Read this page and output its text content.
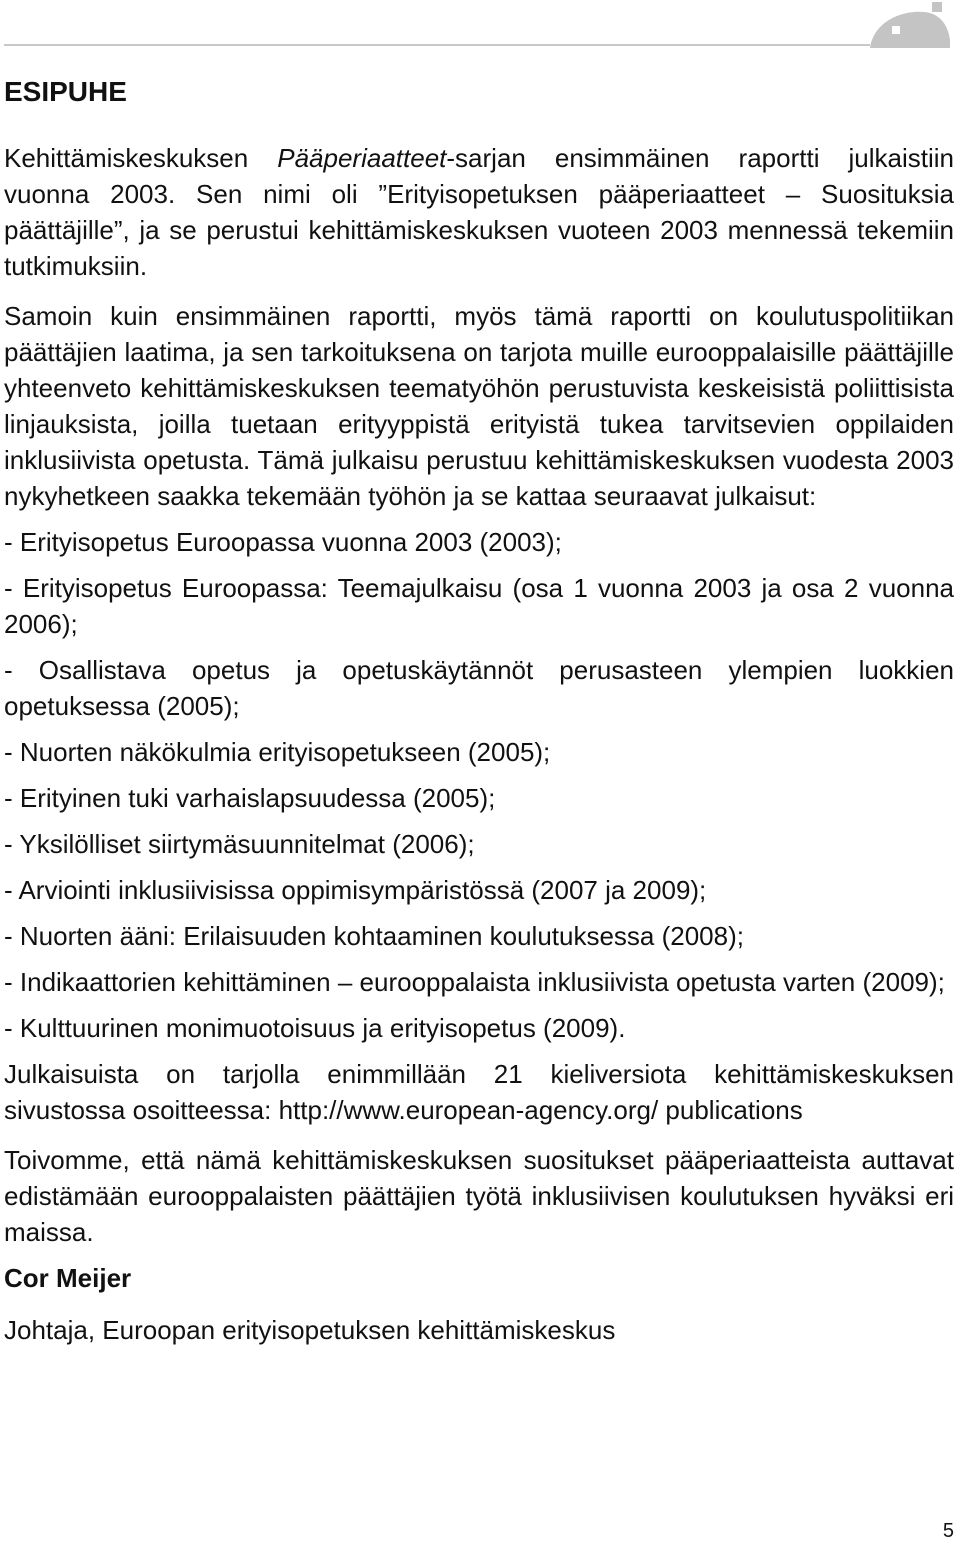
ESIPUHE

Kehittämiskeskuksen Pääperiaatteet-sarjan ensimmäinen raportti julkaistiin vuonna 2003. Sen nimi oli ”Erityisopetuksen pääperiaatteet – Suosituksia päättäjille”, ja se perustui kehittämiskeskuksen vuoteen 2003 mennessä tekemiin tutkimuksiin.

Samoin kuin ensimmäinen raportti, myös tämä raportti on koulutuspolitiikan päättäjien laatima, ja sen tarkoituksena on tarjota muille eurooppalaisille päättäjille yhteenveto kehittämiskeskuksen teematyöhön perustuvista keskeisistä poliittisista linjauksista, joilla tuetaan erityyppistä erityistä tukea tarvitsevien oppilaiden inklusiivista opetusta. Tämä julkaisu perustuu kehittämiskeskuksen vuodesta 2003 nykyhetkeen saakka tekemään työhön ja se kattaa seuraavat julkaisut:

- Erityisopetus Euroopassa vuonna 2003 (2003);
- Erityisopetus Euroopassa: Teemajulkaisu (osa 1 vuonna 2003 ja osa 2 vuonna 2006);
- Osallistava opetus ja opetuskäytännöt perusasteen ylempien luokkien opetuksessa (2005);
- Nuorten näkökulmia erityisopetukseen (2005);
- Erityinen tuki varhaislapsuudessa (2005);
- Yksilölliset siirtymäsuunnitelmat (2006);
- Arviointi inklusiivisissa oppimisympäristössä (2007 ja 2009);
- Nuorten ääni: Erilaisuuden kohtaaminen koulutuksessa (2008);
- Indikaattorien kehittäminen – eurooppalaista inklusiivista opetusta varten (2009);
- Kulttuurinen monimuotoisuus ja erityisopetus (2009).

Julkaisuista on tarjolla enimmillään 21 kieliversiota kehittämiskeskuksen sivustossa osoitteessa: http://www.european-agency.org/ publications

Toivomme, että nämä kehittämiskeskuksen suositukset pääperiaatteista auttavat edistämään eurooppalaisten päättäjien työtä inklusiivisen koulutuksen hyväksi eri maissa.

Cor Meijer
Johtaja, Euroopan erityisopetuksen kehittämiskeskus
5
